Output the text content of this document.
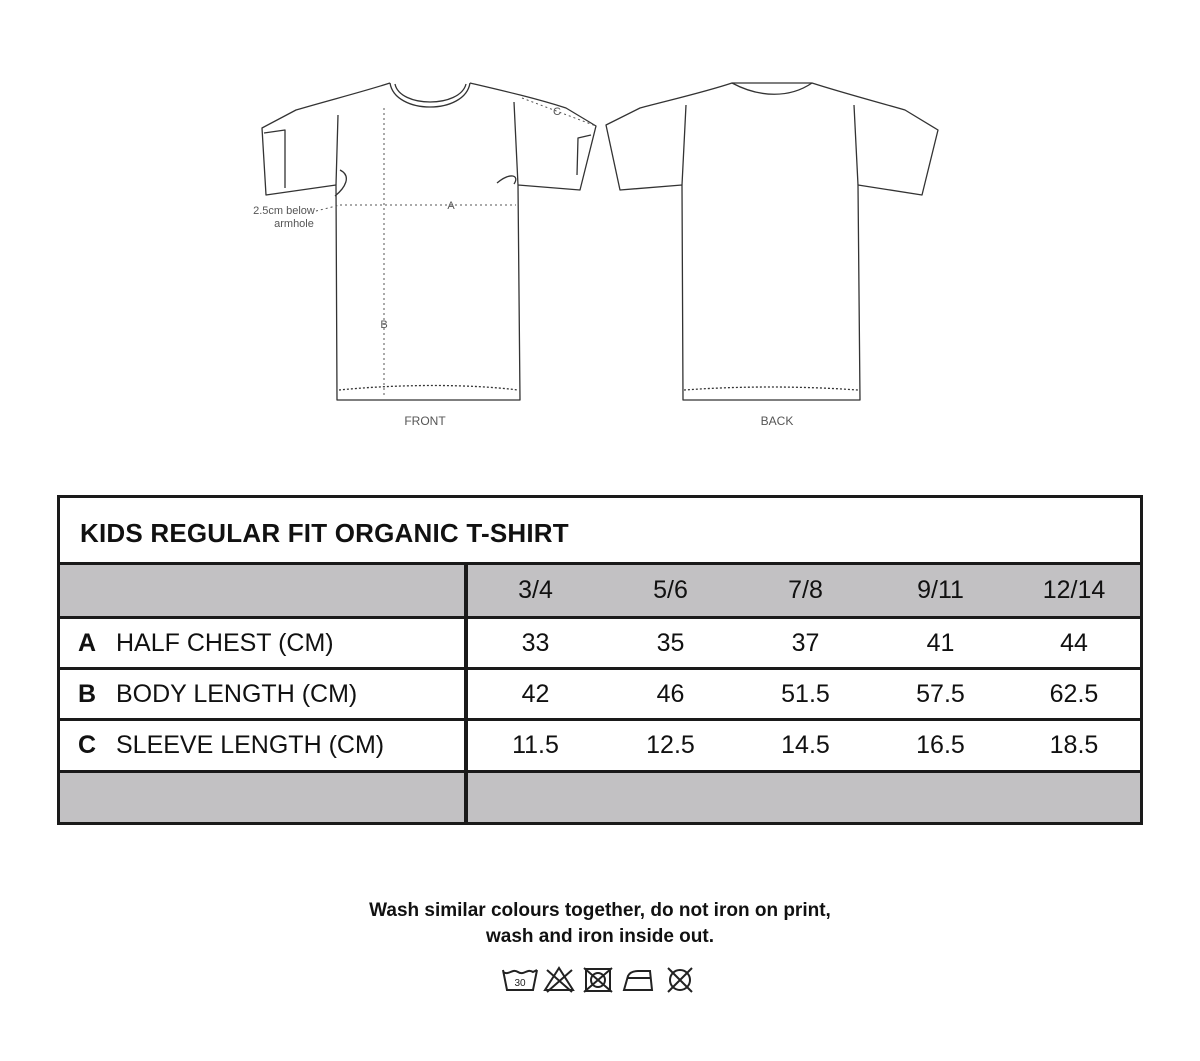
A
B
C
2.5cm below
armhole
FRONT	BACK
KIDS REGULAR FIT ORGANIC T-SHIRT
3/4	5/6	7/8	9/11	12/14
A HALF CHEST (CM)	33	35	37	41	44
B BODY LENGTH (CM)	42	46	51.5	57.5	62.5
C SLEEVE LENGTH (CM)	11.5	12.5	14.5	16.5	18.5
Wash similar colours together, do not iron on print,
wash and iron inside out.
30
